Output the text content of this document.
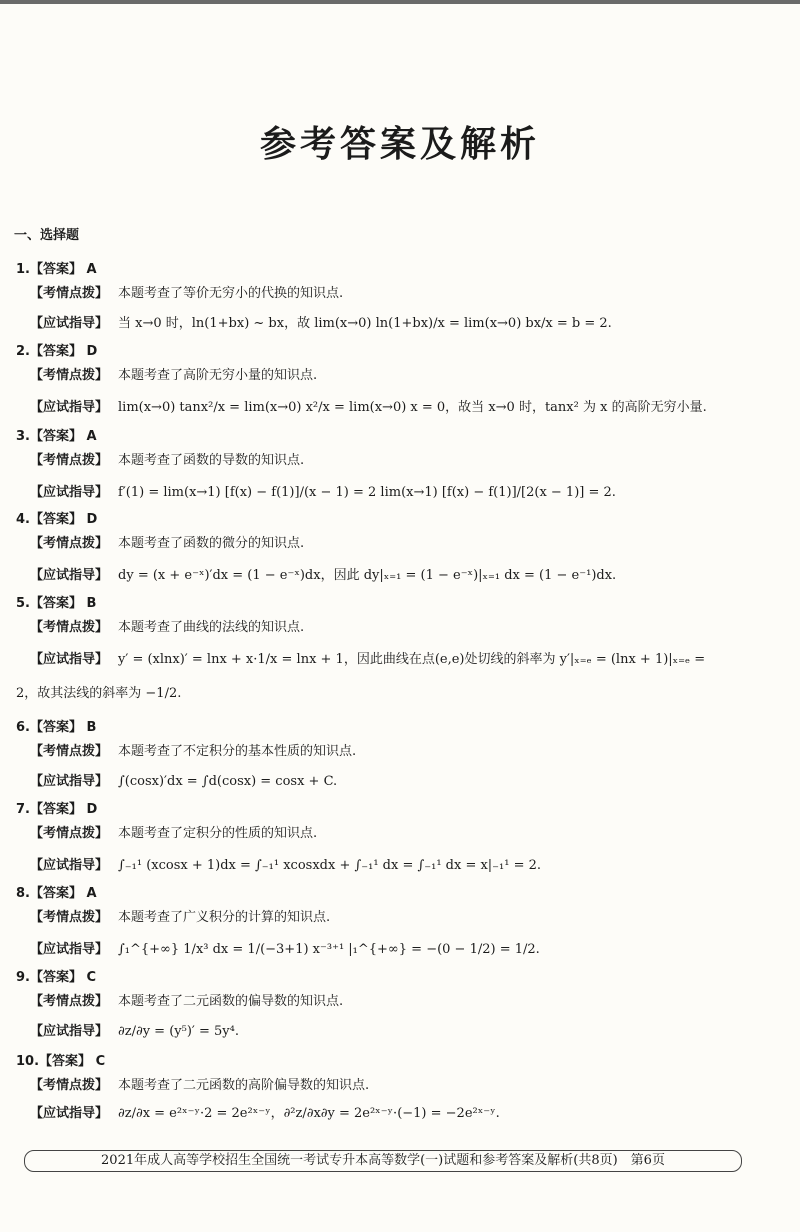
参考答案及解析
一、选择题
1.【答案】 A
【考情点拨】 本题考查了等价无穷小的代换的知识点.
【应试指导】 当 x→0 时，ln(1+bx) ~ bx，故 lim(x→0) ln(1+bx)/x = lim(x→0) bx/x = b = 2.
2.【答案】 D
【考情点拨】 本题考查了高阶无穷小量的知识点.
【应试指导】 lim(x→0) tanx²/x = lim(x→0) x²/x = lim(x→0) x = 0，故当 x→0 时，tanx² 为 x 的高阶无穷小量.
3.【答案】 A
【考情点拨】 本题考查了函数的导数的知识点.
【应试指导】 f′(1) = lim(x→1) [f(x) − f(1)]/(x − 1) = 2 lim(x→1) [f(x) − f(1)]/[2(x − 1)] = 2.
4.【答案】 D
【考情点拨】 本题考查了函数的微分的知识点.
【应试指导】 dy = (x + e⁻ˣ)′dx = (1 − e⁻ˣ)dx，因此 dy|ₓ₌₁ = (1 − e⁻ˣ)|ₓ₌₁ dx = (1 − e⁻¹)dx.
5.【答案】 B
【考情点拨】 本题考查了曲线的法线的知识点.
【应试指导】 y′ = (xlnx)′ = lnx + x·1/x = lnx + 1，因此曲线在点(e,e)处切线的斜率为 y′|ₓ₌ₑ = (lnx + 1)|ₓ₌ₑ =
2，故其法线的斜率为 −1/2.
6.【答案】 B
【考情点拨】 本题考查了不定积分的基本性质的知识点.
【应试指导】 ∫(cosx)′dx = ∫d(cosx) = cosx + C.
7.【答案】 D
【考情点拨】 本题考查了定积分的性质的知识点.
【应试指导】 ∫₋₁¹ (xcosx + 1)dx = ∫₋₁¹ xcosxdx + ∫₋₁¹ dx = ∫₋₁¹ dx = x|₋₁¹ = 2.
8.【答案】 A
【考情点拨】 本题考查了广义积分的计算的知识点.
【应试指导】 ∫₁^{+∞} 1/x³ dx = 1/(−3+1) x⁻³⁺¹ |₁^{+∞} = −(0 − 1/2) = 1/2.
9.【答案】 C
【考情点拨】 本题考查了二元函数的偏导数的知识点.
【应试指导】 ∂z/∂y = (y⁵)′ = 5y⁴.
10.【答案】 C
【考情点拨】 本题考查了二元函数的高阶偏导数的知识点.
【应试指导】 ∂z/∂x = e²ˣ⁻ʸ·2 = 2e²ˣ⁻ʸ，∂²z/∂x∂y = 2e²ˣ⁻ʸ·(−1) = −2e²ˣ⁻ʸ.
2021年成人高等学校招生全国统一考试专升本高等数学(一)试题和参考答案及解析(共8页)　第6页
